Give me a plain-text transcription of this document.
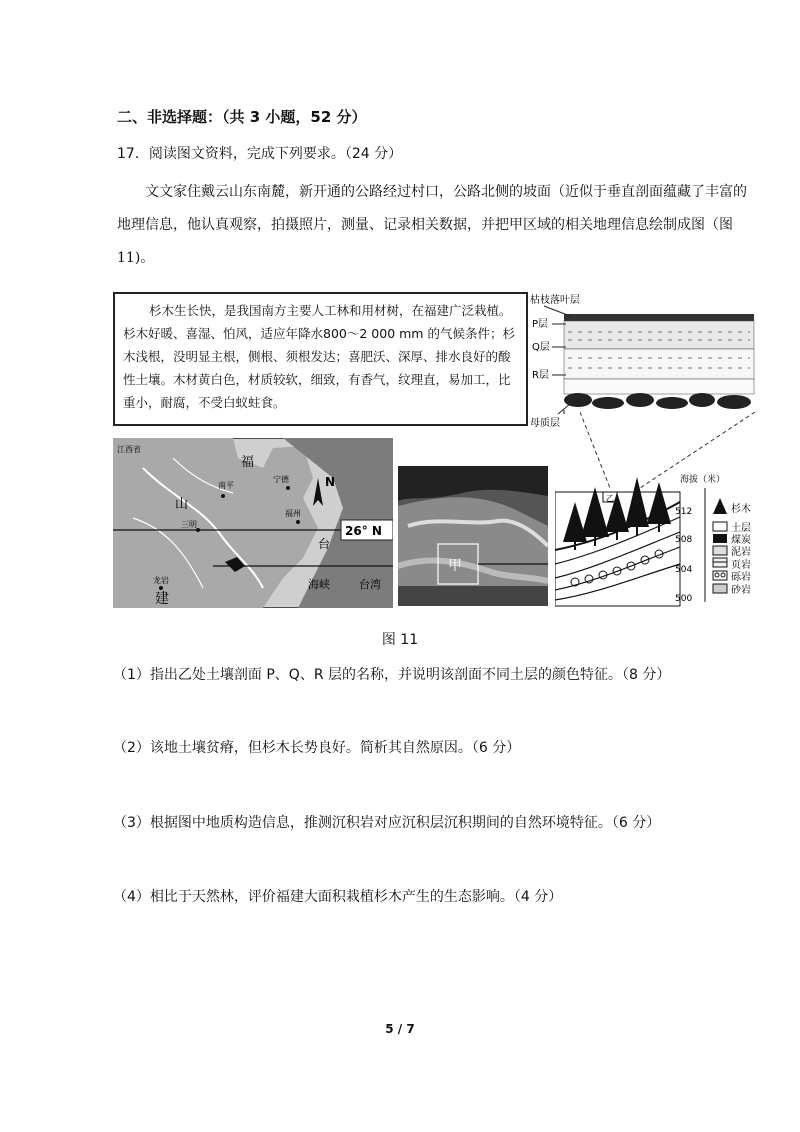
二、非选择题：（共 3 小题，52 分）
17．阅读图文资料，完成下列要求。（24 分）
文文家住戴云山东南麓，新开通的公路经过村口，公路北侧的坡面（近似于垂直剖面蕴藏了丰富的地理信息，他认真观察，拍摄照片，测量、记录相关数据，并把甲区域的相关地理信息绘制成图（图 11)。
杉木生长快，是我国南方主要人工林和用材树，在福建广泛栽植。杉木好暖、喜湿、怕风，适应年降水800～2 000 mm 的气候条件；杉木浅根，没明显主根，侧根、须根发达；喜肥沃、深厚、排水良好的酸性土壤。木材黄白色，材质较软，细致，有香气，纹理直，易加工，比重小，耐腐，不受白蚁蛀食。
枯枝落叶层
P层
Q层
R层
母质层
26° N
N
江西省
福
山
建
台
海峡	台湾
南平
宁德
三明
福州
龙岩
甲
乙
海拔（米）
512
508
504
500
杉木
土层
煤炭
泥岩
页岩
砾岩
砂岩
图 11
（1）指出乙处土壤剖面 P、Q、R 层的名称，并说明该剖面不同土层的颜色特征。（8 分）
（2）该地土壤贫瘠，但杉木长势良好。简析其自然原因。（6 分）
（3）根据图中地质构造信息，推测沉积岩对应沉积层沉积期间的自然环境特征。（6 分）
（4）相比于天然林，评价福建大面积栽植杉木产生的生态影响。（4 分）
5 / 7
